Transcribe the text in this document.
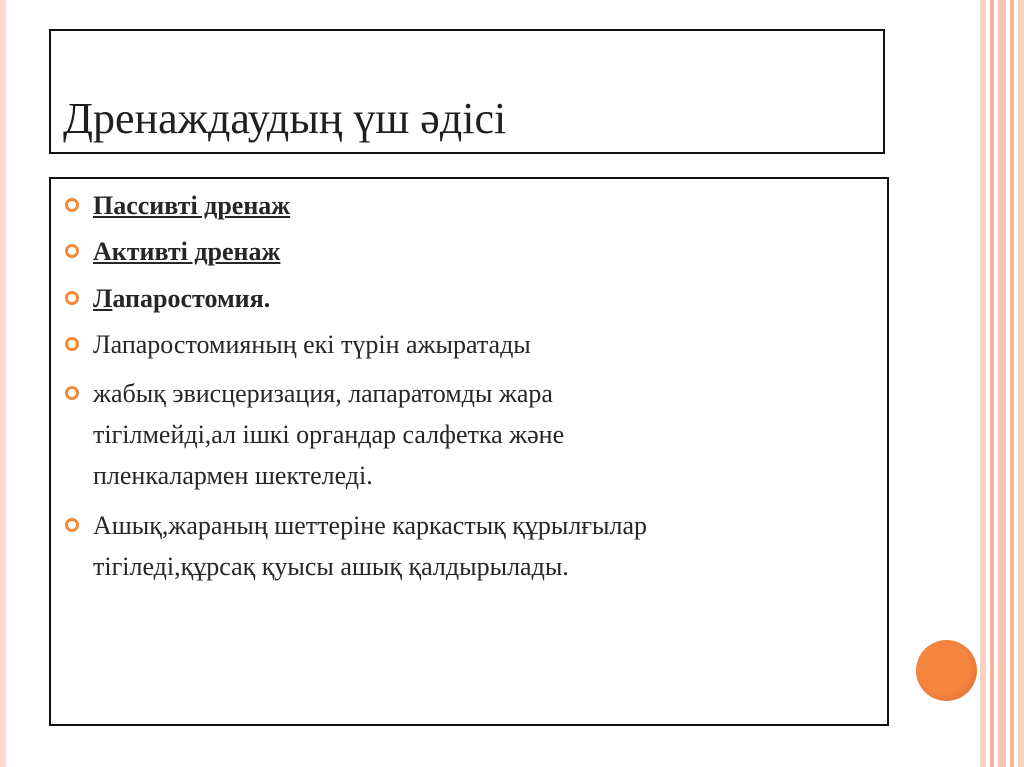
Дренаждаудың үш әдісі
Пассивті дренаж
Активті дренаж
Лапаростомия.
Лапаростомияның екі түрін ажыратады
жабық эвисцеризация, лапаратомды жара
тігілмейді,ал ішкі органдар салфетка және
пленкалармен шектеледі.
Ашық,жараның шеттеріне каркастық құрылғылар
тігіледі,құрсақ қуысы ашық қалдырылады.
